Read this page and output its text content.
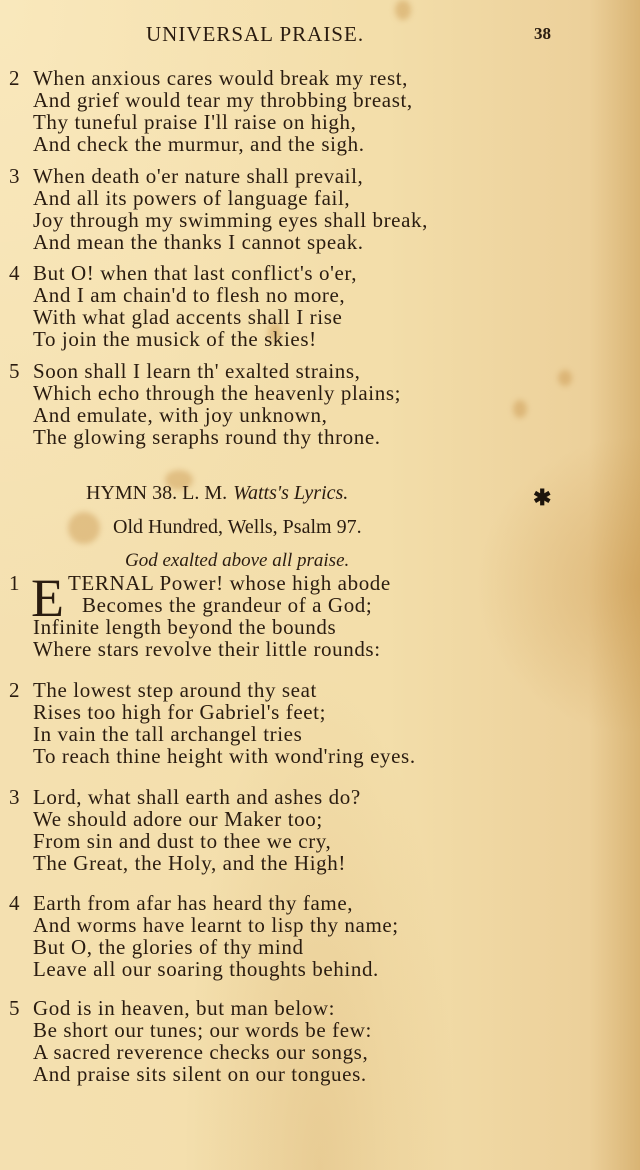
UNIVERSAL PRAISE.	38
2 When anxious cares would break my rest,
And grief would tear my throbbing breast,
Thy tuneful praise I'll raise on high,
And check the murmur, and the sigh.
3 When death o'er nature shall prevail,
And all its powers of language fail,
Joy through my swimming eyes shall break,
And mean the thanks I cannot speak.
4 But O! when that last conflict's o'er,
And I am chain'd to flesh no more,
With what glad accents shall I rise
To join the musick of the skies!
5 Soon shall I learn th' exalted strains,
Which echo through the heavenly plains;
And emulate, with joy unknown,
The glowing seraphs round thy throne.
HYMN 38. L. M. Watts's Lyrics.	✱
Old Hundred, Wells, Psalm 97.
God exalted above all praise.
1 TERNAL Power! whose high abode
Becomes the grandeur of a God;
Infinite length beyond the bounds
Where stars revolve their little rounds:
E
2 The lowest step around thy seat
Rises too high for Gabriel's feet;
In vain the tall archangel tries
To reach thine height with wond'ring eyes.
3 Lord, what shall earth and ashes do?
We should adore our Maker too;
From sin and dust to thee we cry,
The Great, the Holy, and the High!
4 Earth from afar has heard thy fame,
And worms have learnt to lisp thy name;
But O, the glories of thy mind
Leave all our soaring thoughts behind.
5 God is in heaven, but man below:
Be short our tunes; our words be few:
A sacred reverence checks our songs,
And praise sits silent on our tongues.
